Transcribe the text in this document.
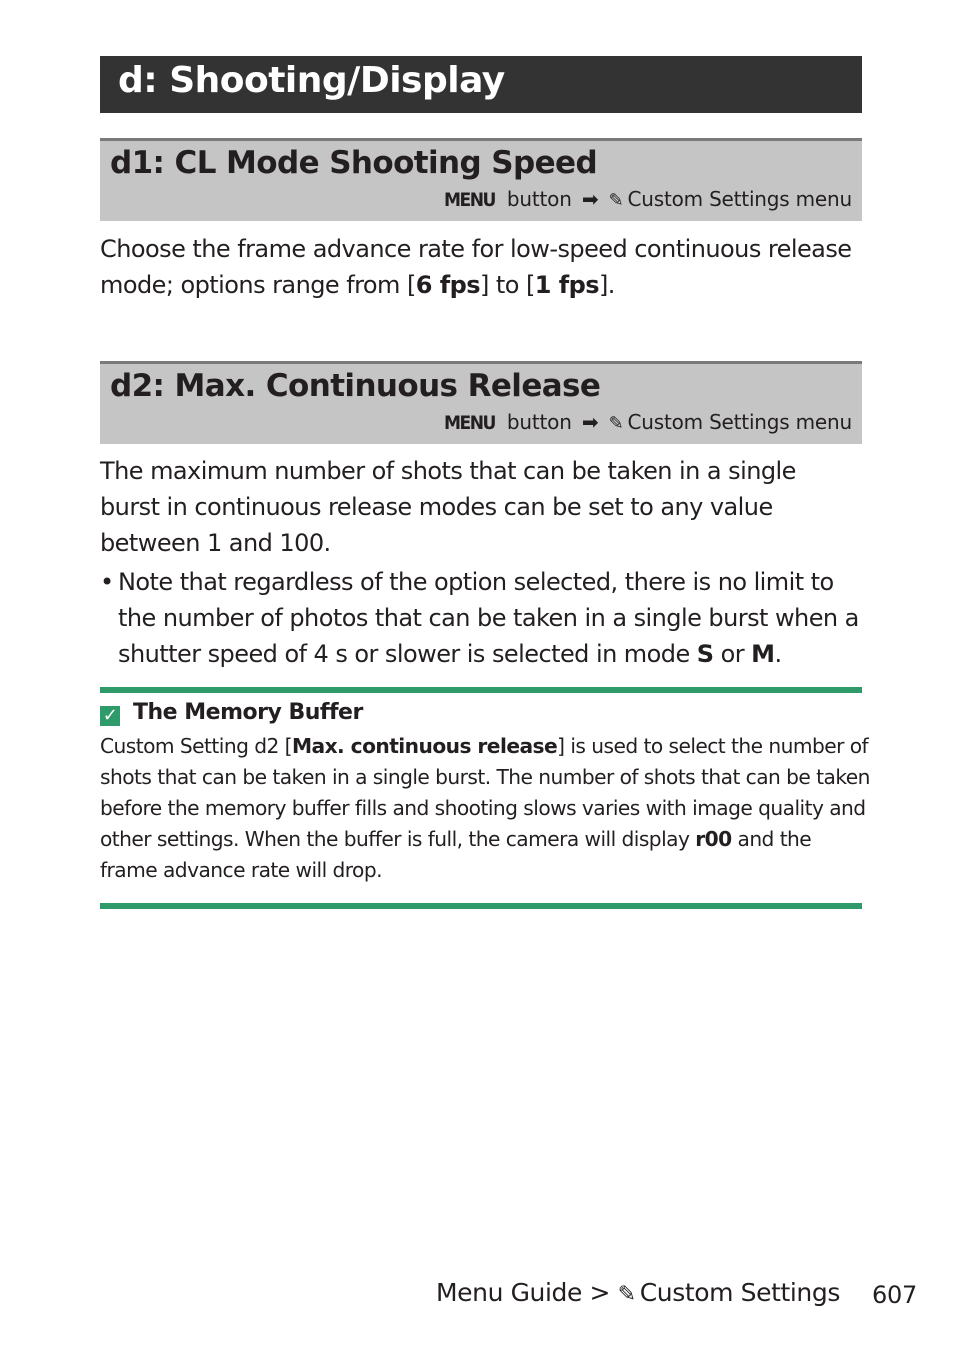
d: Shooting/Display
d1: CL Mode Shooting Speed
MENU button ➡ ✎ Custom Settings menu
Choose the frame advance rate for low-speed continuous release mode; options range from [6 fps] to [1 fps].
d2: Max. Continuous Release
MENU button ➡ ✎ Custom Settings menu
The maximum number of shots that can be taken in a single burst in continuous release modes can be set to any value between 1 and 100.
• Note that regardless of the option selected, there is no limit to the number of photos that can be taken in a single burst when a shutter speed of 4 s or slower is selected in mode S or M.
✓ The Memory Buffer
Custom Setting d2 [Max. continuous release] is used to select the number of shots that can be taken in a single burst. The number of shots that can be taken before the memory buffer fills and shooting slows varies with image quality and other settings. When the buffer is full, the camera will display r00 and the frame advance rate will drop.
Menu Guide > ✎ Custom Settings 607
